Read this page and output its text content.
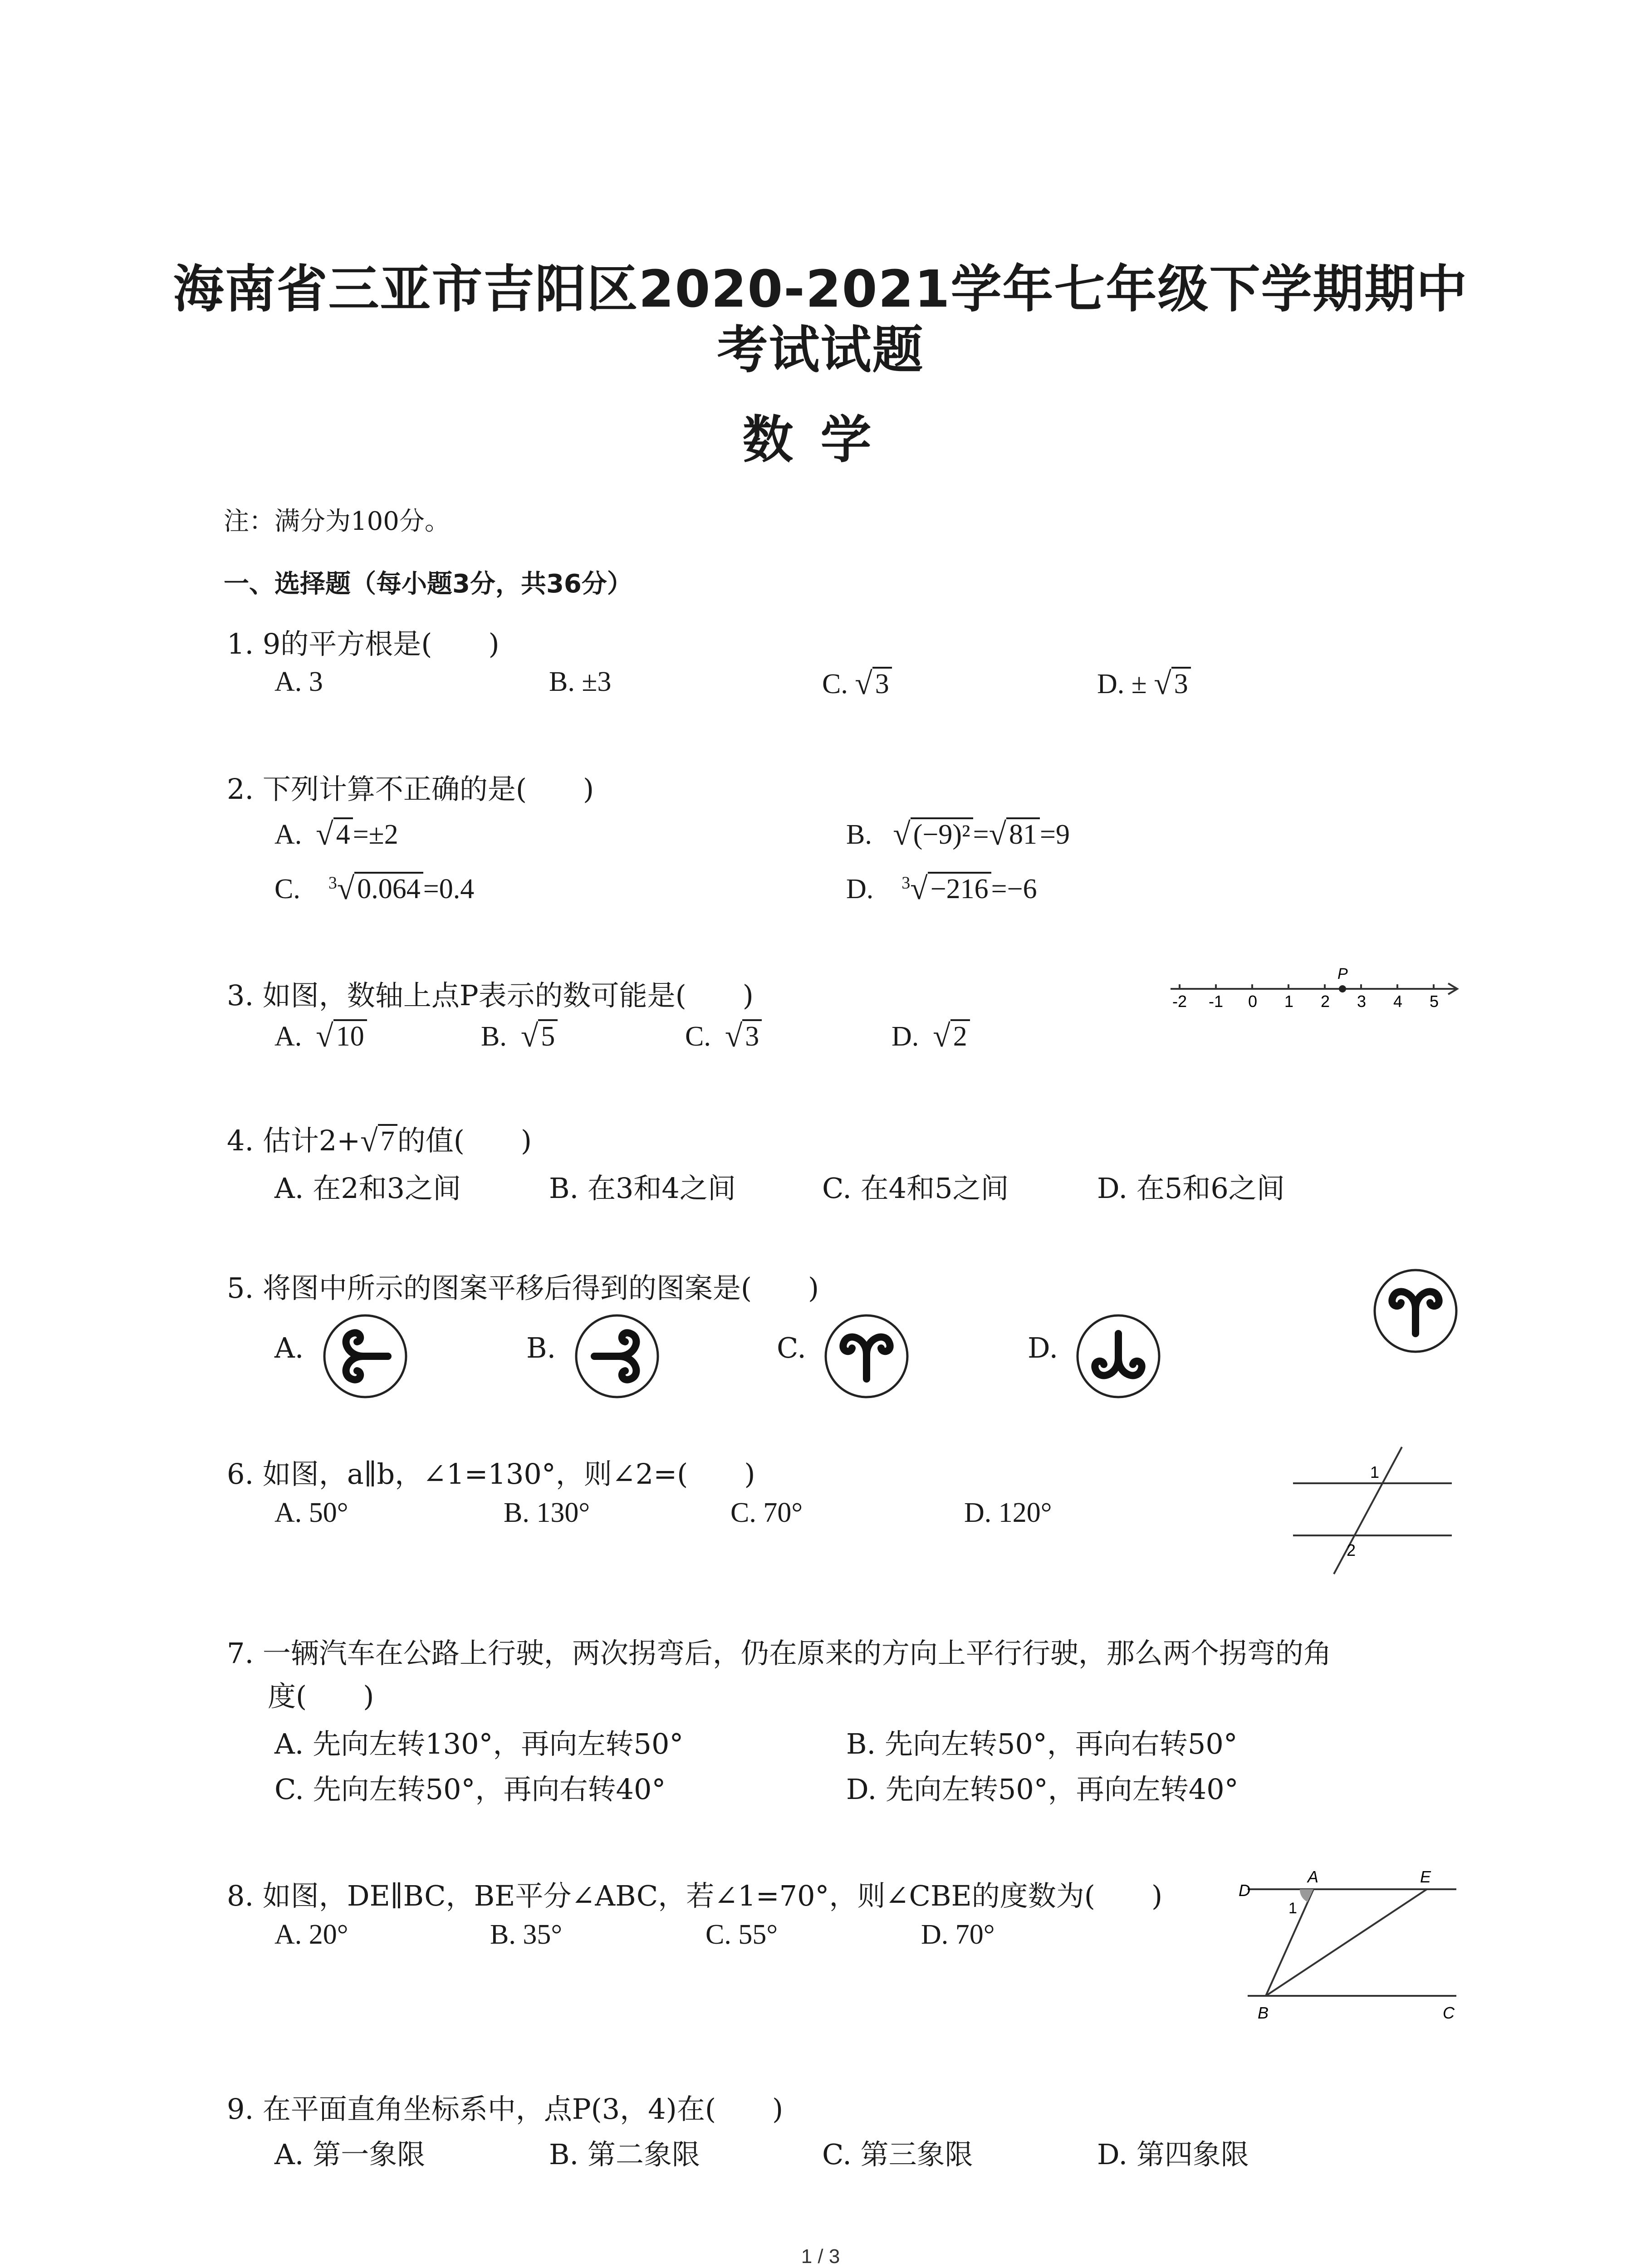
海南省三亚市吉阳区2020-2021学年七年级下学期期中
考试试题
数学
注：满分为100分。
一、选择题（每小题3分，共36分）
1. 9的平方根是(　　)
A. 3	B. ±3	C. √3	D. ± √3
2. 下列计算不正确的是(　　)
A. √4=±2	B. √(−9)²=√81=9
C. $^3$√0.064=0.4	D. $^3$√−216=−6
3. 如图，数轴上点P表示的数可能是(　　)
A. √10	B. √5	C. √3	D. √2
-2 -1 0 1 2 3 4 5
P
4. 估计2+√7的值(　　)
A. 在2和3之间	B. 在3和4之间	C. 在4和5之间	D. 在5和6之间
5. 将图中所示的图案平移后得到的图案是(　　)
A.	B.	C.	D.
6. 如图，a∥b，∠1=130°，则∠2=(　　)
A. 50°	B. 130°	C. 70°	D. 120°
1
2
7. 一辆汽车在公路上行驶，两次拐弯后，仍在原来的方向上平行行驶，那么两个拐弯的角
度(　　)
A. 先向左转130°，再向左转50°	B. 先向左转50°，再向右转50°
C. 先向左转50°，再向右转40°	D. 先向左转50°，再向左转40°
8. 如图，DE∥BC，BE平分∠ABC，若∠1=70°，则∠CBE的度数为(　　)
A. 20°	B. 35°	C. 55°	D. 70°
D
A	E
1
B	C
9. 在平面直角坐标系中，点P(3，4)在(　　)
A. 第一象限	B. 第二象限	C. 第三象限	D. 第四象限
1 / 3
